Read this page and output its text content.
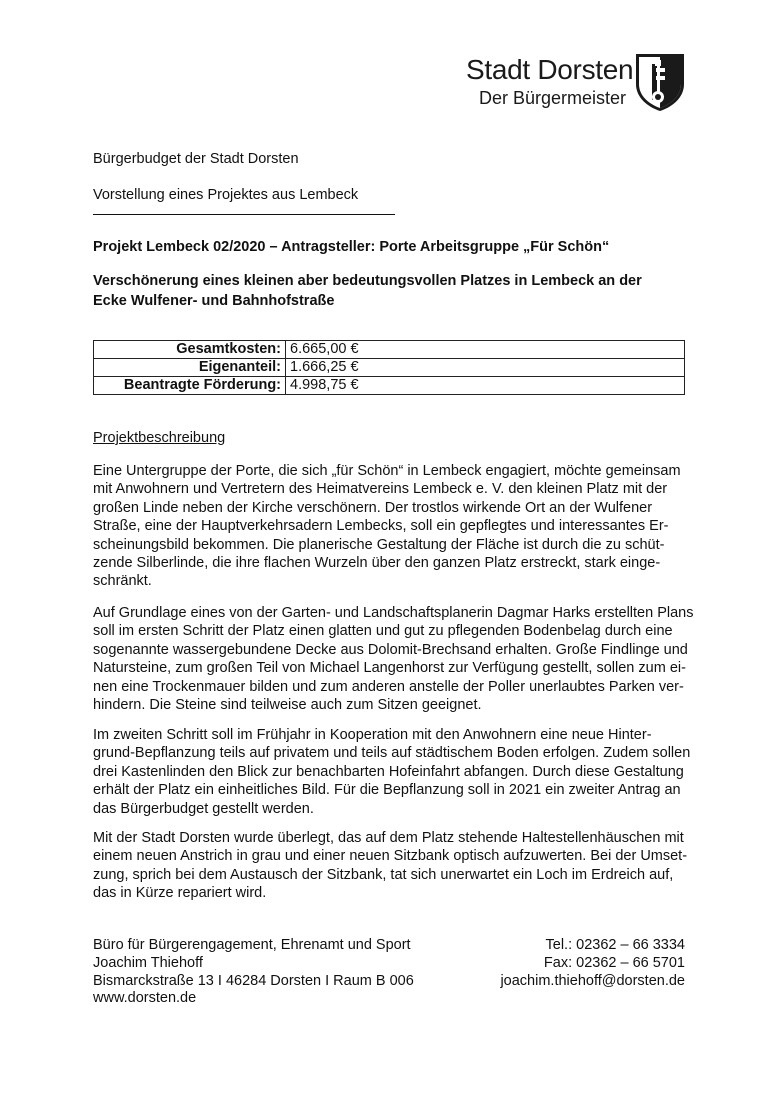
Stadt Dorsten
Der Bürgermeister
Bürgerbudget der Stadt Dorsten
Vorstellung eines Projektes aus Lembeck
Projekt Lembeck 02/2020 – Antragsteller: Porte Arbeitsgruppe „Für Schön“
Verschönerung eines kleinen aber bedeutungsvollen Platzes in Lembeck an der
Ecke Wulfener- und Bahnhofstraße
Gesamtkosten:	6.665,00 €
Eigenanteil:	1.666,25 €
Beantragte Förderung:	4.998,75 €
Projektbeschreibung
Eine Untergruppe der Porte, die sich „für Schön“ in Lembeck engagiert, möchte gemeinsam
mit Anwohnern und Vertretern des Heimatvereins Lembeck e. V. den kleinen Platz mit der
großen Linde neben der Kirche verschönern. Der trostlos wirkende Ort an der Wulfener
Straße, eine der Hauptverkehrsadern Lembecks, soll ein gepflegtes und interessantes Er-
scheinungsbild bekommen. Die planerische Gestaltung der Fläche ist durch die zu schüt-
zende Silberlinde, die ihre flachen Wurzeln über den ganzen Platz erstreckt, stark einge-
schränkt.
Auf Grundlage eines von der Garten- und Landschaftsplanerin Dagmar Harks erstellten Plans
soll im ersten Schritt der Platz einen glatten und gut zu pflegenden Bodenbelag durch eine
sogenannte wassergebundene Decke aus Dolomit-Brechsand erhalten. Große Findlinge und
Natursteine, zum großen Teil von Michael Langenhorst zur Verfügung gestellt, sollen zum ei-
nen eine Trockenmauer bilden und zum anderen anstelle der Poller unerlaubtes Parken ver-
hindern. Die Steine sind teilweise auch zum Sitzen geeignet.
Im zweiten Schritt soll im Frühjahr in Kooperation mit den Anwohnern eine neue Hinter-
grund-Bepflanzung teils auf privatem und teils auf städtischem Boden erfolgen. Zudem sollen
drei Kastenlinden den Blick zur benachbarten Hofeinfahrt abfangen. Durch diese Gestaltung
erhält der Platz ein einheitliches Bild. Für die Bepflanzung soll in 2021 ein zweiter Antrag an
das Bürgerbudget gestellt werden.
Mit der Stadt Dorsten wurde überlegt, das auf dem Platz stehende Haltestellenhäuschen mit
einem neuen Anstrich in grau und einer neuen Sitzbank optisch aufzuwerten. Bei der Umset-
zung, sprich bei dem Austausch der Sitzbank, tat sich unerwartet ein Loch im Erdreich auf,
das in Kürze repariert wird.
Büro für Bürgerengagement, Ehrenamt und Sport
Joachim Thiehoff
Bismarckstraße 13 I 46284 Dorsten I Raum B 006
www.dorsten.de
Tel.: 02362 – 66 3334
Fax: 02362 – 66 5701
joachim.thiehoff@dorsten.de
